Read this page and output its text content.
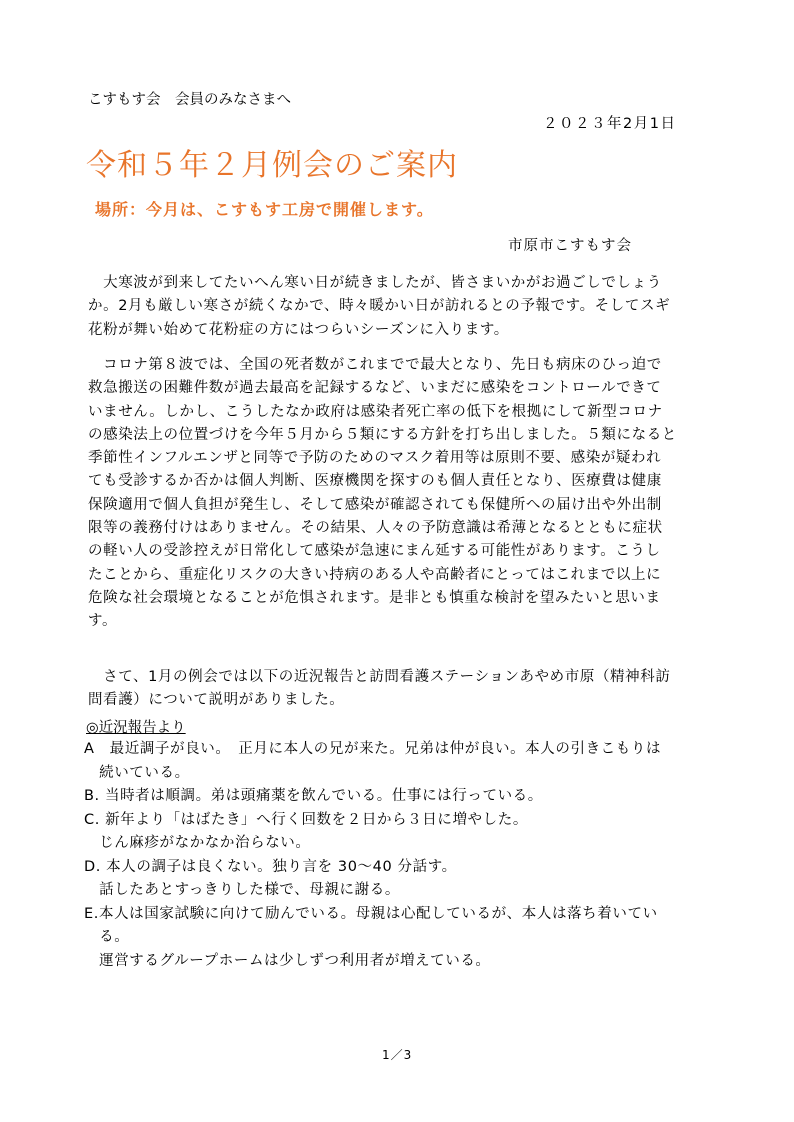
こすもす会　会員のみなさまへ
２０２３年2月1日
令和５年２月例会のご案内
場所：今月は、こすもす工房で開催します。
市原市こすもす会
　大寒波が到来してたいへん寒い日が続きましたが、皆さまいかがお過ごしでしょう
か。2月も厳しい寒さが続くなかで、時々暖かい日が訪れるとの予報です。そしてスギ
花粉が舞い始めて花粉症の方にはつらいシーズンに入ります。
　コロナ第８波では、全国の死者数がこれまでで最大となり、先日も病床のひっ迫で
救急搬送の困難件数が過去最高を記録するなど、いまだに感染をコントロールできて
いません。しかし、こうしたなか政府は感染者死亡率の低下を根拠にして新型コロナ
の感染法上の位置づけを今年５月から５類にする方針を打ち出しました。５類になると
季節性インフルエンザと同等で予防のためのマスク着用等は原則不要、感染が疑われ
ても受診するか否かは個人判断、医療機関を探すのも個人責任となり、医療費は健康
保険適用で個人負担が発生し、そして感染が確認されても保健所への届け出や外出制
限等の義務付けはありません。その結果、人々の予防意識は希薄となるとともに症状
の軽い人の受診控えが日常化して感染が急速にまん延する可能性があります。こうし
たことから、重症化リスクの大きい持病のある人や高齢者にとってはこれまで以上に
危険な社会環境となることが危惧されます。是非とも慎重な検討を望みたいと思いま
す。
　さて、1月の例会では以下の近況報告と訪問看護ステーションあやめ市原（精神科訪
問看護）について説明がありました。
◎近況報告より
A　最近調子が良い。　正月に本人の兄が来た。兄弟は仲が良い。本人の引きこもりは
　続いている。
B. 当時者は順調。弟は頭痛薬を飲んでいる。仕事には行っている。
C. 新年より「はばたき」へ行く回数を２日から３日に増やした。
　じん麻疹がなかなか治らない。
D. 本人の調子は良くない。独り言を 30～40 分話す。
　話したあとすっきりした様で、母親に謝る。
E.本人は国家試験に向けて励んでいる。母親は心配しているが、本人は落ち着いてい
　る。
　運営するグループホームは少しずつ利用者が増えている。
1／3
